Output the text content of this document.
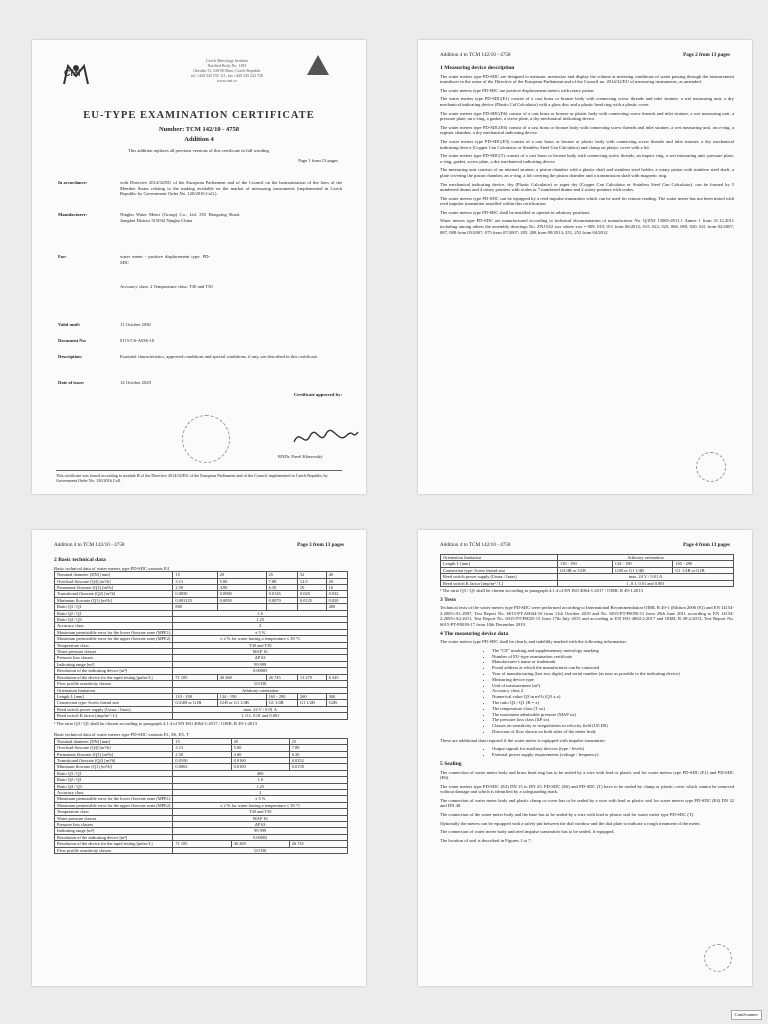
CMI
Czech Metrology Institute
Notified Body No. 1383
Okružní 31, 638 00 Brno, Czech Republic
tel. +420 545 555 111, fax +420 545 222 728
www.cmi.cz
EU-TYPE EXAMINATION CERTIFICATE
Number: TCM 142/10 - 4758
Addition 4
This addition replaces all previous versions of this certificate in full wording.
Page 1 from 13 pages
In accordance:	with Directive 2014/32/EU of the European Parliament and of the Council on the harmonisation of the laws of the Member States relating to the making available on the market of measuring instruments (implemented in Czech Republic by Government Order No. 120/2016 Coll.).
Manufacturer:	Ningbo Water Meter (Group) Co., Ltd. 355 Hongxing Road, Jiangbei District 315032 Ningbo China
For:	water meter - positive displacement type: PD-SDC
Accuracy class: 2 Temperature class: T30 and T50
Valid until:	11 October 2030
Document No:	0115-CS-A036-10
Description:	Essential characteristics, approved conditions and special conditions, if any, are described in this certificate.
Date of issue:	12 October 2020
Certificate approved by:
RNDr. Pavel Klenovský
This certificate was issued according to module B of the Directive 2014/32/EU of the European Parliament and of the Council implemented in Czech Republic by Government Order No. 120/2016 Coll.
Addition 4 to TCM 142/10 - 4758	Page 2 from 13 pages
1 Measuring device description

The water meters type PD-SDC are designed to measure, memorize and display the volume at metering conditions of water passing through the measurement transducer in the sense of the Directive of the European Parliament and of the Council no. 2014/32/EU of measuring instruments, as amended.

The water meters type PD-SDC are positive displacement meters with rotary piston.

The water meters type PD-SDC(E1) consist of a cast brass or bronze body with connecting screw threads and inlet strainer, a wet measuring unit, a dry mechanical indicating device (Plastic Cal Calculator) with a glass disc and a plastic head ring with a plastic cover.

The water meters type PD-SDC(E6) consist of a cast brass or bronze or plastic body with connecting screw threads and inlet strainer, a wet measuring unit, a pressure plate, an o-ring, a gasket, a screw plate, a dry mechanical indicating device.

The water meters type PD-SDC(E6) consist of a cast brass or bronze body with connecting screw threads and inlet strainer, a wet measuring unit, an o-ring, a register chamber, a dry mechanical indicating device.

The water meters type PD-SDC(E5) consist of a cast brass or bronze or plastic body with connecting screw threads and inlet strainer, a dry mechanical indicating device (Copper Can Calculator or Stainless Steel Can Calculator) and clamp on plastic cover with a lid.

The water meters type PD-SDC(T) consist of a cast brass or bronze body with connecting screw threads, an impact ring, a wet measuring unit, pressure plate, o-ring, gasket, screw plate, a dry mechanical indicating device.

The measuring unit consists of an internal strainer, a piston chamber with a plastic shaft and stainless steel holder, a rotary piston with stainless steel shaft, a plate covering the piston chamber, an o-ring, a lid covering the piston chamber and a transmission shaft with magnetic ring.

The mechanical indicating device, dry (Plastic Calculator) or super dry (Copper Can Calculator or Stainless Steel Can Calculator), can be formed by 5 numbered drums and 4 rotary pointers with scales or 7 numbered drums and 2 rotary pointers with scales.

The water meters type PD-SDC can be equipped by a reed impulse transmitter which can be used for remote reading. The water meter has not been tested with reed impulse transmitter installed within this certification.

The water meters type PD-SDC shall be installed to operate in arbitrary positions.

Water meters type PD-SDC are manufactured according to technical documentation of manufacturer No. Q/ZNJ 13065-2011.1 Annex 1 from 31.12.2011 including among others the assembly drawings No. ZNJ 652 xxx where xxx = 009, 010, 011 from 06/2012; 015, 022, 025, 068, 069, 020, 021 from 02/2007; 087, 088 from 05/2007; 075 from 07/2007; 205, 208 from 09/2013; 251, 252 from 04/2012.

Addition 4 to TCM 142/10 - 4758	Page 3 from 13 pages
2 Basic technical data
Basic technical data of water meters type PD-SDC variants E4
Nominal diameter (DN) [mm]	15	20	25	32	40
Overload flowrate (Q4) [m³/h]	3.13	5.00	7.88	12.5	20
Permanent flowrate (Q3) [m³/h]	2.50	4.00	6.30	10	16
Transitional flowrate (Q2) [m³/h]	0.0050	0.0080	0.0126	0.020	0.032
Minimum flowrate (Q1) [m³/h]	0.003125	0.0050	0.0079	0.0125	0.020
Ratio Q3 / Q1	800				400
Ratio Q2 / Q1	1.6				
Ratio Q4 / Q3	1.25				
Accuracy class	2				
Maximum permissible error for the lower flowrate zone (MPE1)	± 5 %				
Maximum permissible error for the upper flowrate zone (MPE2)	± 2 % for water having a temperature ≤ 30 °C				
Temperature class	T30 and T50				
Water pressure classes	MAP 16				
Pressure loss classes	ΔP 63				
Indicating range [m³]	99 999				
Resolution of the indicating device [m³]	0.00005				
Resolution of the device for the rapid testing [pulse/L]	71 185	40 268	26 745	13 270	6 345
Flow profile sensitivity classes	U0 D0				
Orientation limitation	Arbitrary orientation				
Length L [mm]	110 - 190	134 - 190	165 - 290	260	300
Connection type: Screw thread size	G3/4B or G1B	G1B or G1 1/4B	G1 1/4B	G1 1/2B	G2B
Reed switch power supply (Umax / Imax)	max. 24 V / 0.01 A				
Reed switch K factor [imp/m³ / L]	1, 0.1, 0.01 and 0.001				
¹ The ratio Q3 / Q1 shall be chosen according to paragraph 4.1.4 of EN ISO 4064-1:2017 / OIML R 49-1:2013
Basic technical data of water meters type PD-SDC variants E1, E6, E5, T
Nominal diameter (DN) [mm]	15	20	25
Overload flowrate (Q4) [m³/h]	3.13	5.00	7.88
Permanent flowrate (Q3) [m³/h]	2.50	4.00	6.30
Transitional flowrate (Q2) [m³/h]	0.0100	0.0160	0.0252
Minimum flowrate (Q1) [m³/h]	0.0063	0.0100	0.0158
Ratio Q3 / Q1	400		
Ratio Q2 / Q1	1.6		
Ratio Q4 / Q3	1.25		
Accuracy class	2		
Maximum permissible error for the lower flowrate zone (MPE1)	± 5 %		
Maximum permissible error for the upper flowrate zone (MPE2)	± 2 % for water having a temperature ≤ 30 °C		
Temperature class	T30 and T50		
Water pressure classes	MAP 16		
Pressure loss classes	ΔP 63		
Indicating range [m³]	99 999		
Resolution of the indicating device [m³]	0.00002		
Resolution of the device for the rapid testing [pulse/L]	71 185	40 268	26 745
Flow profile sensitivity classes	U0 D0		
Addition 4 to TCM 142/10 - 4758	Page 4 from 13 pages
Orientation limitation	Arbitrary orientation		
Length L [mm]	110 - 190	134 - 190	165 - 290
Connection type: Screw thread size	G3/4B or G1B	G1B or G1 1/4B	G1 1/4B or G1B
Reed switch power supply (Umax / Imax)	max. 24 V / 0.01 A		
Reed switch K factor [imp/m³ / L]	1, 0.1, 0.01 and 0.001		
¹ The ratio Q3 / Q1 shall be chosen according to paragraph 4.1.4 of EN ISO 4064-1:2017 / OIML R 49-1:2013
3 Tests

Technical tests of the water meters type PD-SDC were performed according to International Recommendation OIML R 49-1 (Edition 2006 (E)) and EN 14154-2:2005+A1:2007, Test Report No. 6015-PT-A0044-10 from 11th October 2010 and No. 6015-PT-P0050-11 from 29th June 2011 according to EN 14154-2:2005+A2:2011, Test Report No. 6015-PT-P0025-15 from 17th July 2015 and according to EN ISO 4064-2:2017 and OIML R 49-2:2013, Test Report No. 6015-PT-P0039-17 from 10th December 2019.

4 The measuring device data

The water meters type PD-SDC shall be clearly and indelibly marked with the following information:

• The "CE" marking and supplementary metrology marking
• Number of EU-type examination certificate
• Manufacturer's name or trademark
• Postal address at which the manufacturer can be contacted
• Year of manufacturing (last two digits) and serial number (as near as possible to the indicating device)
• Measuring device type
• Unit of measurement (m³)
• Accuracy class 2
• Numerical value Q3 in m³/h (Q3 x.x)
• The ratio Q3 / Q1 (R = x)
• The temperature class (T xx)
• The maximum admissible pressure (MAP xx)
• The pressure loss class (ΔP xx)
• Classes on sensitivity to irregularities in velocity field (U0 D0)
• Direction of flow shown on both sides of the meter body

These are additional data required if the water meter is equipped with impulse transmitter:

• Output signals for auxiliary devices (type / levels)
• External power supply requirements (voltage / frequency)
5 Sealing

The connection of water meter body and brass head ring has to be sealed by a wire with lead or plastic seal for water meters type PD-SDC (E1) and PD-SDC (E6).

The water meters type PD-SDC (E4) DN 15 to DN 25, PD-SDC (E6) and PD-SDC (T) have to be sealed by clamp or plastic cover which cannot be removed without damage and which is identified by a safeguarding mark.

The connection of water meter body and plastic clamp or cover has to be sealed by a wire with lead or plastic seal for water meters type PD-SDC (E4) DN 32 and DN 40.

The connection of the water meter body and the base has to be sealed by a wire with lead or plastic seal for water meter type PD-SDC (T).

Optionally the meters can be equipped with a safety pin between the dial window and the dial plate to indicate a rough treatment of the meter.

The connection of water meter body and reed impulse transmitter has to be sealed, if equipped.

The location of seal is described in Figures 1 to 7.

CamScanner
